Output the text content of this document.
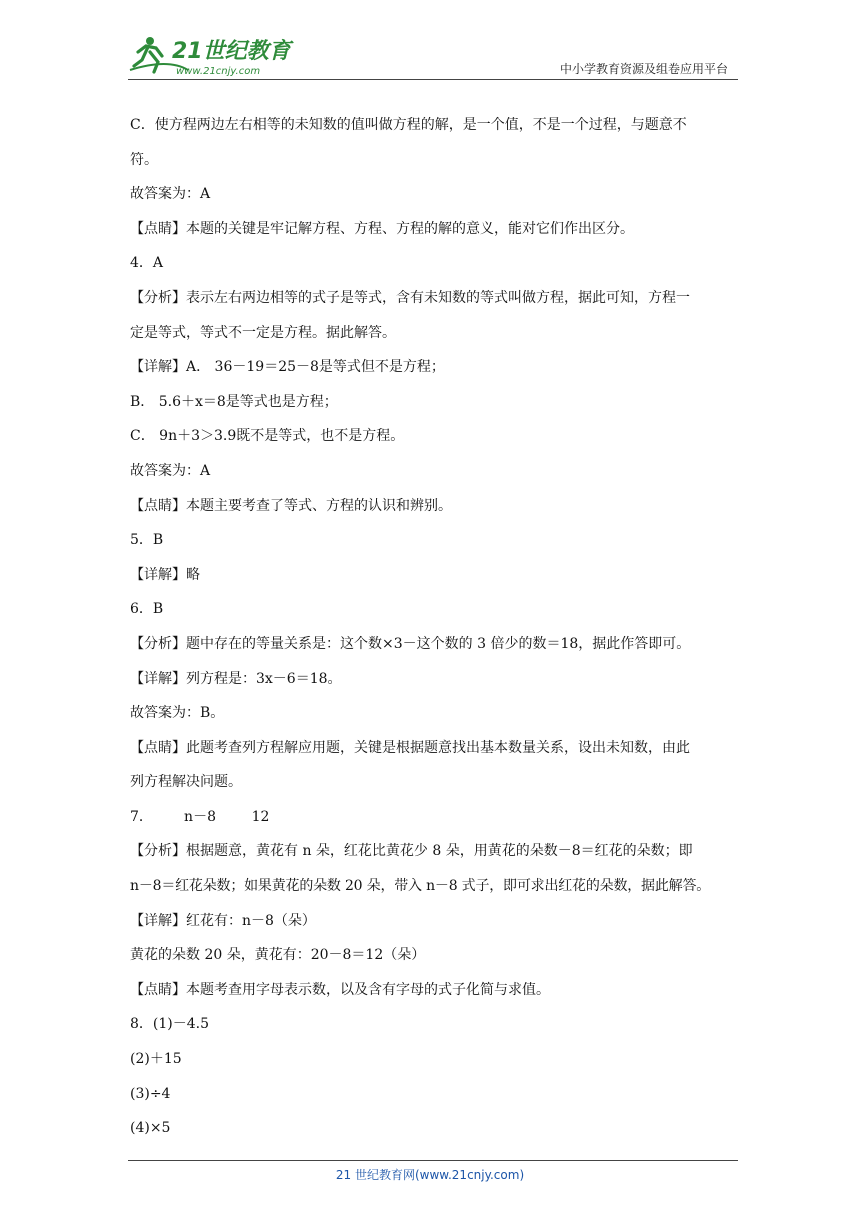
21世纪教育
www.21cnjy.com	中小学教育资源及组卷应用平台
C．使方程两边左右相等的未知数的值叫做方程的解，是一个值，不是一个过程，与题意不
符。
故答案为：A
【点睛】本题的关键是牢记解方程、方程、方程的解的意义，能对它们作出区分。
4．A
【分析】表示左右两边相等的式子是等式，含有未知数的等式叫做方程，据此可知，方程一
定是等式，等式不一定是方程。据此解答。
【详解】A． 36－19＝25－8是等式但不是方程；
B． 5.6＋x＝8是等式也是方程；
C． 9n＋3＞3.9既不是等式，也不是方程。
故答案为：A
【点睛】本题主要考查了等式、方程的认识和辨别。
5．B
【详解】略
6．B
【分析】题中存在的等量关系是：这个数×3－这个数的 3 倍少的数＝18，据此作答即可。
【详解】列方程是：3x－6＝18。
故答案为：B。
【点睛】此题考查列方程解应用题，关键是根据题意找出基本数量关系，设出未知数，由此
列方程解决问题。
7．       n－8        12
【分析】根据题意，黄花有 n 朵，红花比黄花少 8 朵，用黄花的朵数－8＝红花的朵数；即
n－8＝红花朵数；如果黄花的朵数 20 朵，带入 n－8 式子，即可求出红花的朵数，据此解答。
【详解】红花有：n－8（朵）
黄花的朵数 20 朵，黄花有：20－8＝12（朵）
【点睛】本题考查用字母表示数，以及含有字母的式子化简与求值。
8．(1)－4.5
(2)＋15
(3)÷4
(4)×5
21 世纪教育网(www.21cnjy.com)
